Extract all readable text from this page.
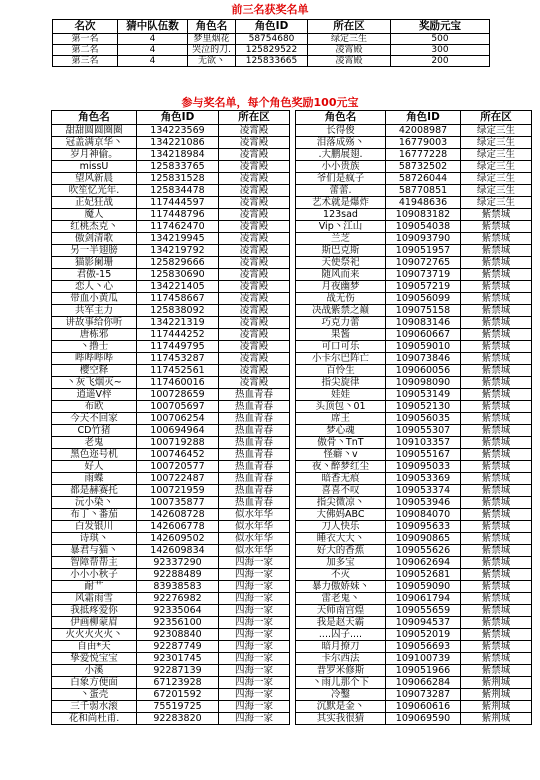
前三名获奖名单
名次	猜中队伍数	角色名	角色ID	所在区	奖励元宝
第一名	4	梦里烟花	58754680	绿定三生	500
第二名	4	哭泣的刀.	125829522	凌霄殿	300
第三名	4	无欲丶	125833665	凌霄殿	200
参与奖名单，每个角色奖励100元宝
角色名	角色ID	所在区
甜甜圆圆圈圈	134223569	凌霄殿
冠盖满京华丶	134221086	凌霄殿
岁月神偷。	134218984	凌霄殿
missU	125833765	凌霄殿
望风新晨	125831528	凌霄殿
吹笙忆光年.	125834478	凌霄殿
正妃狂战	117444597	凌霄殿
魔人	117448796	凌霄殿
红桃杰克丶	117462470	凌霄殿
傲剑清歌	134219945	凌霄殿
另一半翅膀	134219792	凌霄殿
猫影阑珊	125829666	凌霄殿
君傲-15	125830690	凌霄殿
恋人丶心	134221405	凌霄殿
带血小黄瓜	117458667	凌霄殿
共军主力	125838092	凌霄殿
讲故事给你听	134221319	凌霄殿
唐栋邪	117444252	凌霄殿
丶撸士	117449795	凌霄殿
哔哔哔哔	117453287	凌霄殿
樱空释	117452561	凌霄殿
丶灰飞烟灭~	117460016	凌霄殿
逍遥V梓	100728659	热血青春
布欧	100705697	热血青春
今天不回家	100706254	热血青春
CD竹猪	100694964	热血青春
老鬼	100719288	热血青春
黑色迩号机	100746452	热血青春
好人	100720577	热血青春
雨蝶	100722487	热血青春
都是赫赛托	100721959	热血青春
沅小染丶	100735877	热血青春
布丁丶番茄	142608728	似水年华
白发银川	142606778	似水年华
诗琪丶	142609502	似水年华
暴君与猫丶	142609834	似水年华
智障帮帮主	92337290	四海一家
小小小秋子	92288489	四海一家
耐艹	83938583	四海一家
风霜雨雪	92276982	四海一家
我抵疼爱你	92335064	四海一家
伊画柳蒙眉	92356100	四海一家
火火火火火丶	92308840	四海一家
自由*天	92287749	四海一家
挚爱悦宝宝	92301745	四海一家
小溪	92287139	四海一家
白象方便面	67123928	四海一家
丶蛋壳	67201592	四海一家
三千弱水滚	75519725	四海一家
花和尚杜甫.	92283820	四海一家
角色名	角色ID	所在区
长得俊	42008987	绿定三生
泪落成殇丶	16779003	绿定三生
.大鹏展翅.	16777228	绿定三生
小小贵族	58732502	绿定三生
爷们是疯子	58726044	绿定三生
蕾蕾.	58770851	绿定三生
艺术就是爆炸	41948636	绿定三生
123sad	109083182	紫禁城
Vip丶江山	109054038	紫禁城
兰芝	109093790	紫禁城
斯巴克斯	109051957	紫禁城
天使祭祀	109072765	紫禁城
随风而来	109073719	紫禁城
月夜幽梦	109057219	紫禁城
战无伤	109056099	紫禁城
决战紫禁之巅	109075158	紫禁城
巧克力蕾	109083146	紫禁城
果酱	109060667	紫禁城
可口可乐	109059010	紫禁城
小卡尔巴阵亡	109073846	紫禁城
百怜生	109060056	紫禁城
指尖旋律	109098090	紫禁城
娃娃	109053149	紫禁城
头顶包丶01	109052130	紫禁城
席王	109056035	紫禁城
梦心魂	109055307	紫禁城
傲骨丶TnT	109103357	紫禁城
怪癖丶v	109055167	紫禁城
夜丶醉梦红尘	109095033	紫禁城
暗香无痕	109053369	紫禁城
喜喜不叹	109053374	紫禁城
指尖微凉丶	109053946	紫禁城
大佛妈ABC	109084070	紫禁城
刀人快乐	109095633	紫禁城
睡衣大大丶	109090865	紫禁城
好大的香蕉	109055626	紫禁城
加多宝	109062694	紫禁城
不灭	109052681	紫禁城
暴力傲娇妹丶	109059090	紫禁城
雷老鬼丶	109061794	紫禁城
天师南宫煌	109055659	紫禁城
我是赵天霸	109094537	紫禁城
....囚子....	109052019	紫禁城
暗月撩刀	109056693	紫禁城
卡尔西法	109100739	紫禁城
普罗米修斯	109051966	紫禁城
丶雨儿那个下	109066284	紫荆城
冷鑿	109073287	紫荆城
沉默是金丶	109060616	紫荆城
其实我很猜	109069590	紫荆城
